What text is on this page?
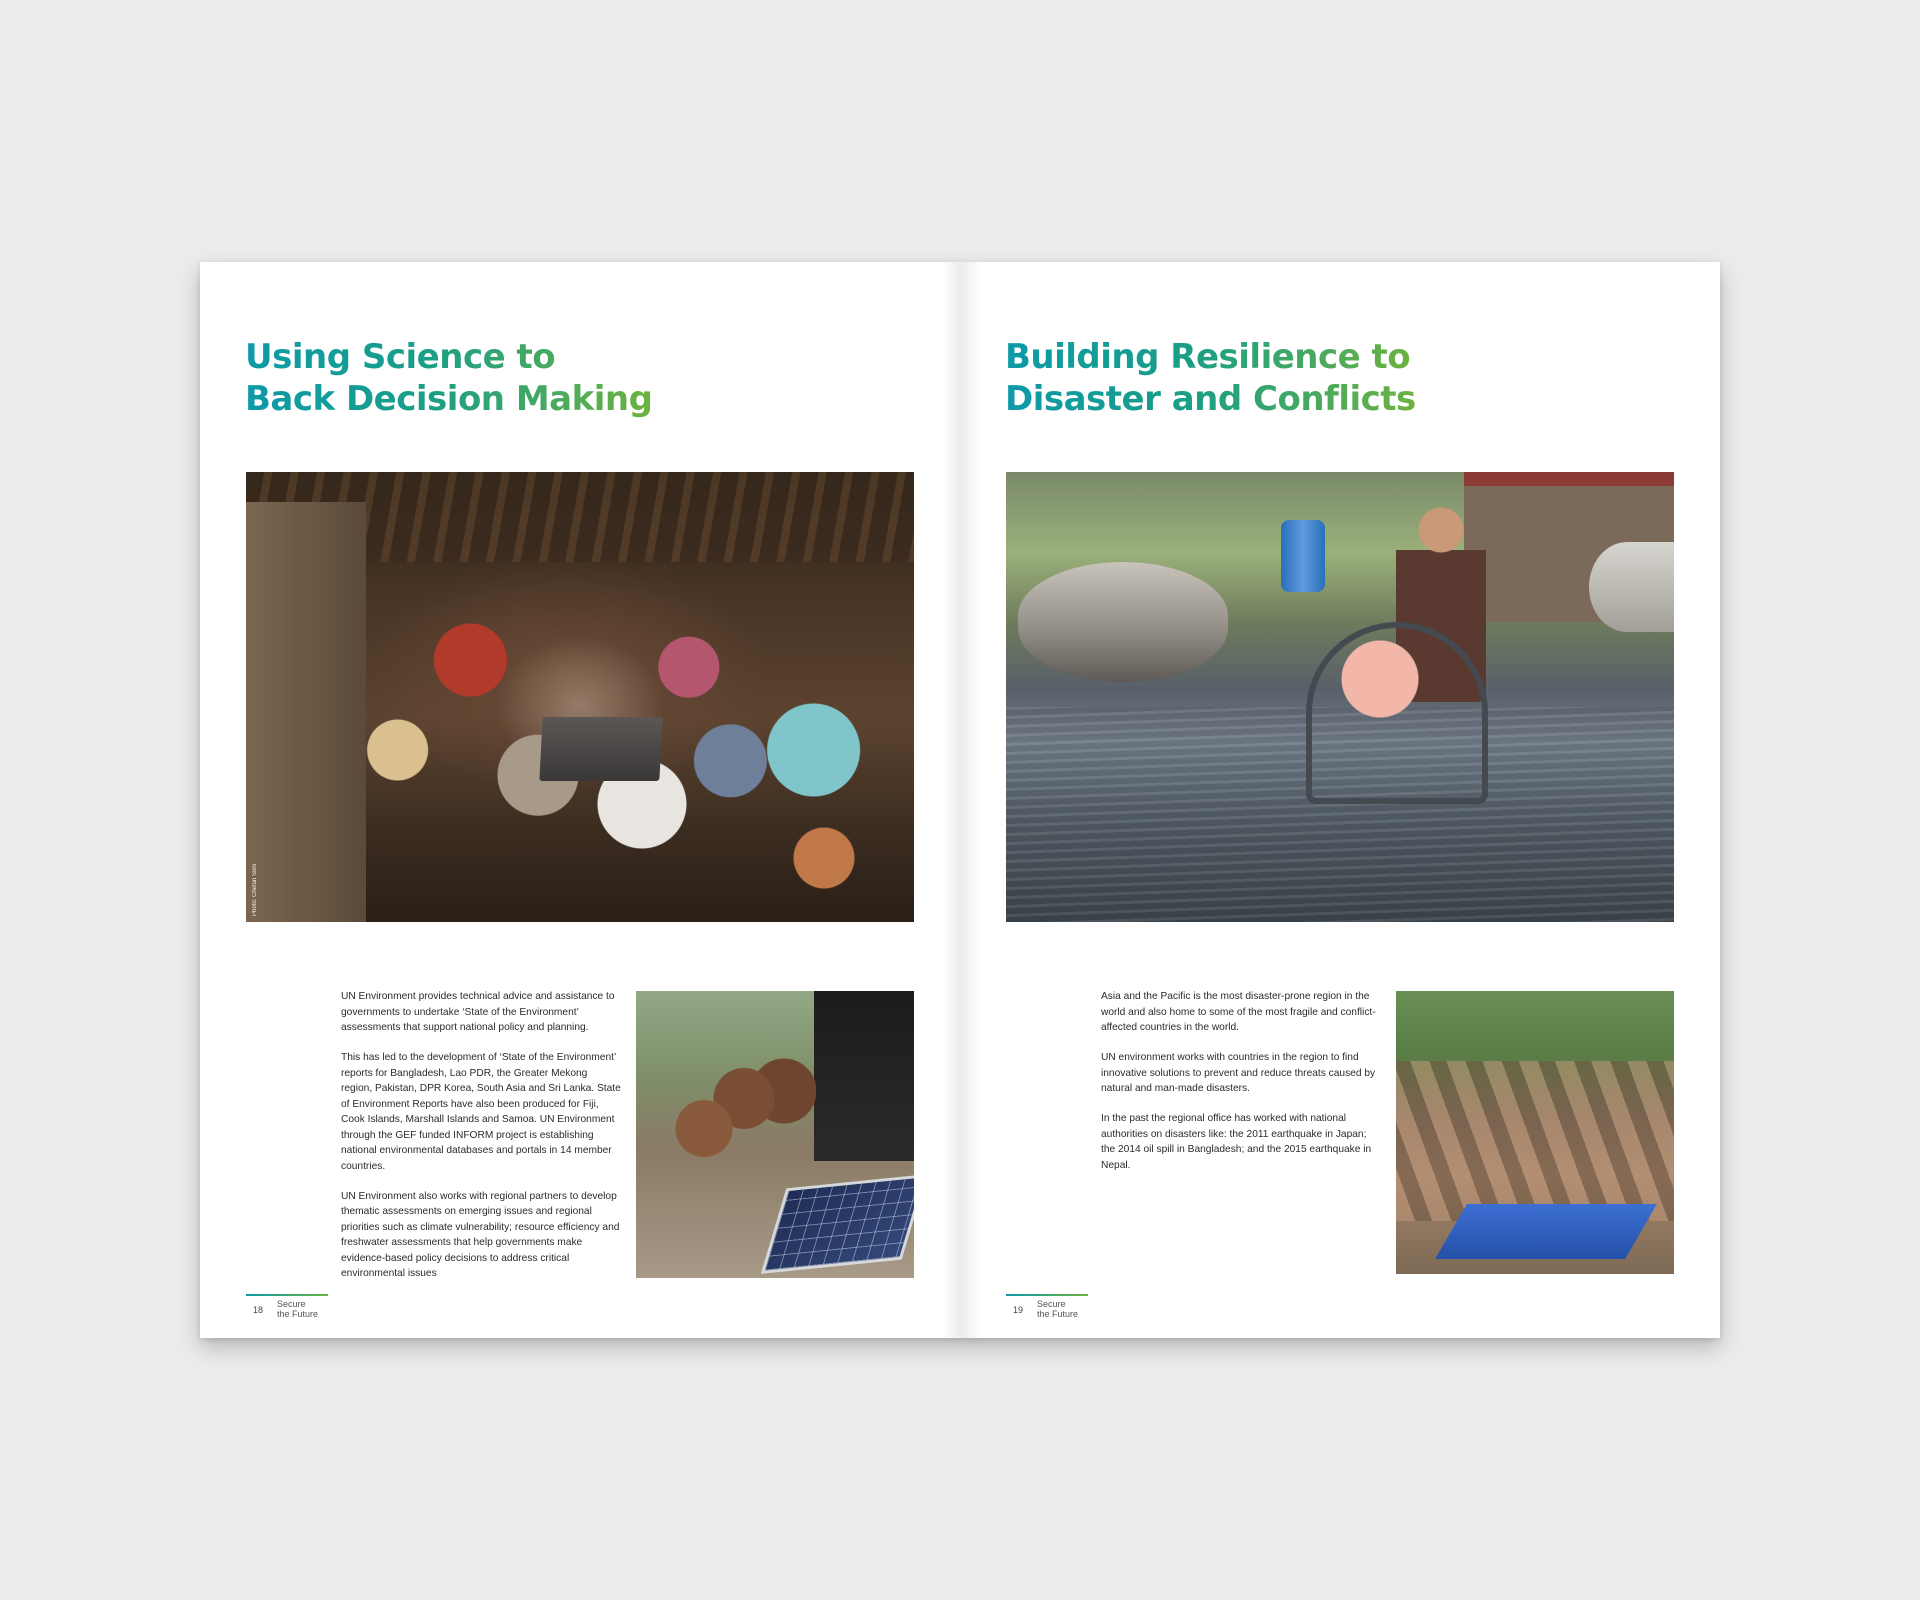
Using Science to
Back Decision Making
Photo: Chetan Soni

UN Environment provides technical advice and assistance to governments to undertake ‘State of the Environment’ assessments that support national policy and planning.

This has led to the development of ‘State of the Environment’ reports for Bangladesh, Lao PDR, the Greater Mekong region, Pakistan, DPR Korea, South Asia and Sri Lanka. State of Environment Reports have also been produced for Fiji, Cook Islands, Marshall Islands and Samoa. UN Environment through the GEF funded INFORM project is establishing national environmental databases and portals in 14 member countries.

UN Environment also works with regional partners to develop thematic assessments on emerging issues and regional priorities such as climate vulnerability; resource efficiency and freshwater assessments that help governments make evidence-based policy decisions to address critical environmental issues

18
Secure
the Future
Building Resilience to
Disaster and Conflicts

Asia and the Pacific is the most disaster-prone region in the world and also home to some of the most fragile and conflict-affected countries in the world.

UN environment works with countries in the region to find innovative solutions to prevent and reduce threats caused by natural and man-made disasters.

In the past the regional office has worked with national authorities on disasters like: the 2011 earthquake in Japan; the 2014 oil spill in Bangladesh; and the 2015 earthquake in Nepal.

19
Secure
the Future
